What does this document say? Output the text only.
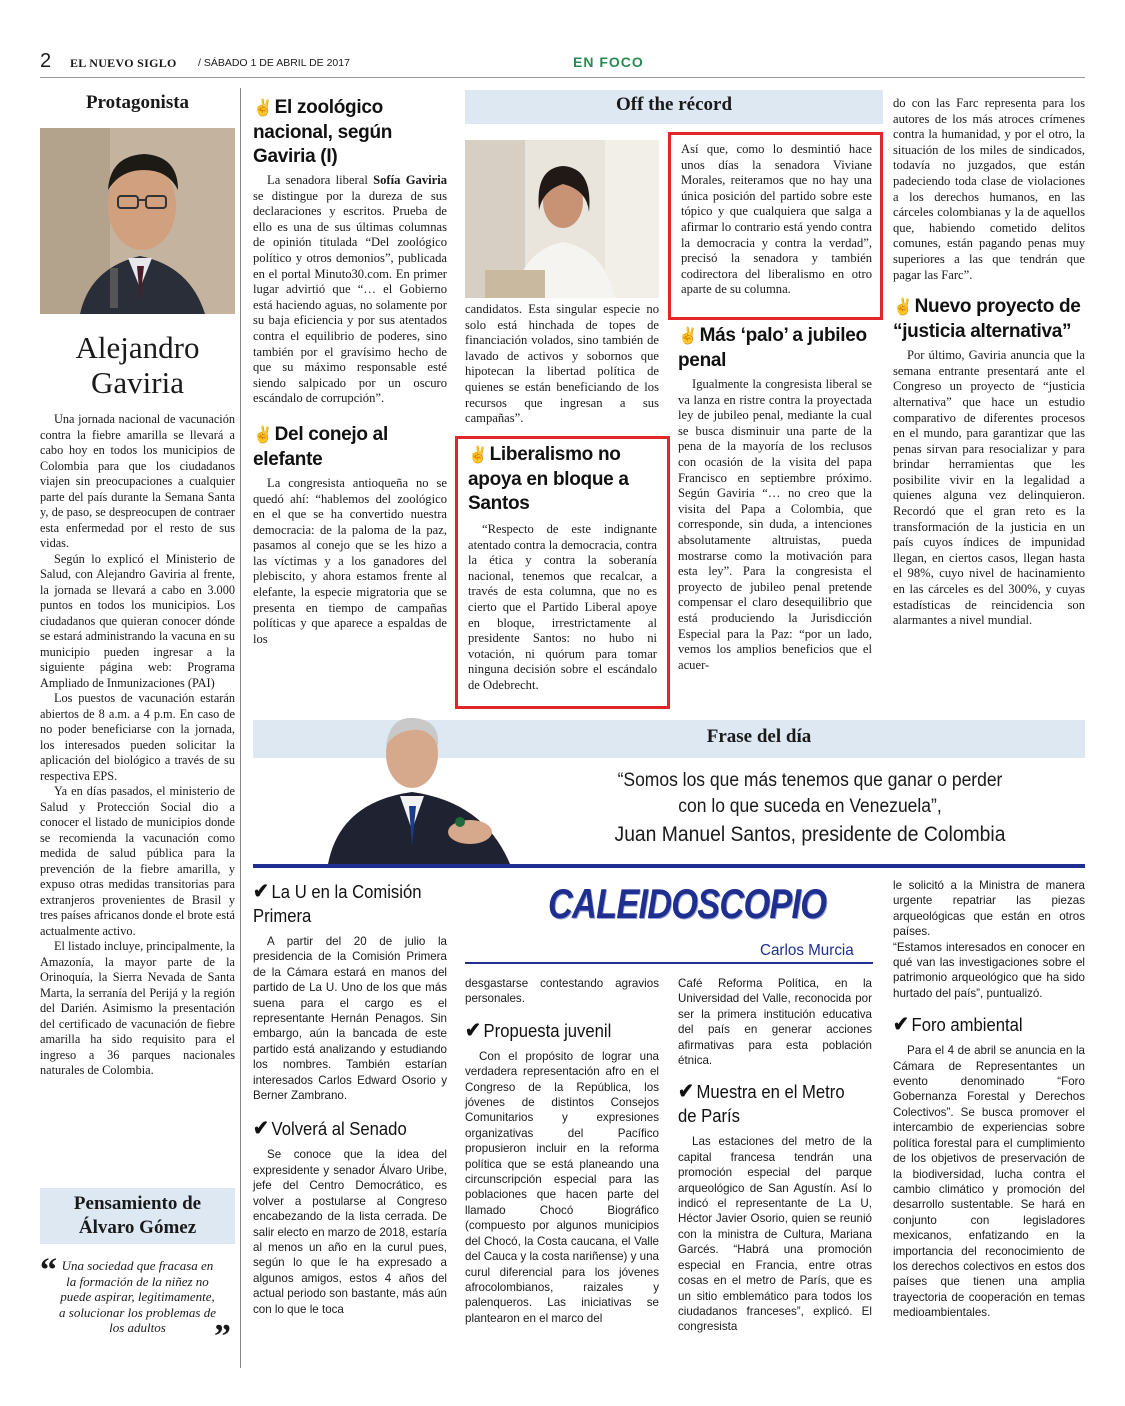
2 EL NUEVO SIGLO / SÁBADO 1 DE ABRIL DE 2017	EN FOCO
Protagonista
Alejandro
Gaviria

Una jornada nacional de vacunación contra la fiebre amarilla se llevará a cabo hoy en todos los municipios de Colombia para que los ciudadanos viajen sin preocupaciones a cualquier parte del país durante la Semana Santa y, de paso, se despreocupen de contraer esta enfermedad por el resto de sus vidas.

Según lo explicó el Ministerio de Salud, con Alejandro Gaviria al frente, la jornada se llevará a cabo en 3.000 puntos en todos los municipios. Los ciudadanos que quieran conocer dónde se estará administrando la vacuna en su municipio pueden ingresar a la siguiente página web: Programa Ampliado de Inmunizaciones (PAI)

Los puestos de vacunación estarán abiertos de 8 a.m. a 4 p.m. En caso de no poder beneficiarse con la jornada, los interesados pueden solicitar la aplicación del biológico a través de su respectiva EPS.

Ya en días pasados, el ministerio de Salud y Protección Social dio a conocer el listado de municipios donde se recomienda la vacunación como medida de salud pública para la prevención de la fiebre amarilla, y expuso otras medidas transitorias para extranjeros provenientes de Brasil y tres países africanos donde el brote está actualmente activo.

El listado incluye, principalmente, la Amazonía, la mayor parte de la Orinoquía, la Sierra Nevada de Santa Marta, la serranía del Perijá y la región del Darién. Asimismo la presentación del certificado de vacunación de fiebre amarilla ha sido requisito para el ingreso a 36 parques nacionales naturales de Colombia.

Pensamiento de
Álvaro Gómez
“ Una sociedad que fracasa en la formación de la niñez no puede aspirar, legitimamente, a solucionar los problemas de los adultos	”
✌ El zoológico nacional, según Gaviria (I)

La senadora liberal Sofía Gaviria se distingue por la dureza de sus declaraciones y escritos. Prueba de ello es una de sus últimas columnas de opinión titulada “Del zoológico político y otros demonios”, publicada en el portal Minuto30.com. En primer lugar advirtió que “… el Gobierno está haciendo aguas, no solamente por su baja eficiencia y por sus atentados contra el equilibrio de poderes, sino también por el gravísimo hecho de que su máximo responsable esté siendo salpicado por un oscuro escándalo de corrupción”.

✌ Del conejo al elefante

La congresista antioqueña no se quedó ahí: “hablemos del zoológico en el que se ha convertido nuestra democracia: de la paloma de la paz, pasamos al conejo que se les hizo a las víctimas y a los ganadores del plebiscito, y ahora estamos frente al elefante, la especie migratoria que se presenta en tiempo de campañas políticas y que aparece a espaldas de los

Off the récord

candidatos. Esta singular especie no solo está hinchada de topes de financiación volados, sino también de lavado de activos y sobornos que hipotecan la libertad política de quienes se están beneficiando de los recursos que ingresan a sus campañas”.

✌ Liberalismo no apoya en bloque a Santos

“Respecto de este indignante atentado contra la democracia, contra la ética y contra la soberanía nacional, tenemos que recalcar, a través de esta columna, que no es cierto que el Partido Liberal apoye en bloque, irrestrictamente al presidente Santos: no hubo ni votación, ni quórum para tomar ninguna decisión sobre el escándalo de Odebrecht.

Así que, como lo desmintió hace unos días la senadora Viviane Morales, reiteramos que no hay una única posición del partido sobre este tópico y que cualquiera que salga a afirmar lo contrario está yendo contra la democracia y contra la verdad”, precisó la senadora y también codirectora del liberalismo en otro aparte de su columna.

✌ Más ‘palo’ a jubileo penal

Igualmente la congresista liberal se va lanza en ristre contra la proyectada ley de jubileo penal, mediante la cual se busca disminuir una parte de la pena de la mayoría de los reclusos con ocasión de la visita del papa Francisco en septiembre próximo. Según Gaviria “… no creo que la visita del Papa a Colombia, que corresponde, sin duda, a intenciones absolutamente altruistas, pueda mostrarse como la motivación para esta ley”. Para la congresista el proyecto de jubileo penal pretende compensar el claro desequilibrio que está produciendo la Jurisdicción Especial para la Paz: “por un lado, vemos los amplios beneficios que el acuer-

do con las Farc representa para los autores de los más atroces crímenes contra la humanidad, y por el otro, la situación de los miles de sindicados, todavía no juzgados, que están padeciendo toda clase de violaciones a los derechos humanos, en las cárceles colombianas y la de aquellos que, habiendo cometido delitos comunes, están pagando penas muy superiores a las que tendrán que pagar las Farc”.

✌ Nuevo proyecto de “justicia alternativa”

Por último, Gaviria anuncia que la semana entrante presentará ante el Congreso un proyecto de “justicia alternativa” que hace un estudio comparativo de diferentes procesos en el mundo, para garantizar que las penas sirvan para resocializar y para brindar herramientas que les posibilite vivir en la legalidad a quienes alguna vez delinquieron. Recordó que el gran reto es la transformación de la justicia en un país cuyos índices de impunidad llegan, en ciertos casos, llegan hasta el 98%, cuyo nivel de hacinamiento en las cárceles es del 300%, y cuyas estadísticas de reincidencia son alarmantes a nivel mundial.

Frase del día
“Somos los que más tenemos que ganar o perder
con lo que suceda en Venezuela”,
Juan Manuel Santos, presidente de Colombia
CALEIDOSCOPIO
Carlos Murcia
✔ La U en la Comisión Primera

A partir del 20 de julio la presidencia de la Comisión Primera de la Cámara estará en manos del partido de La U. Uno de los que más suena para el cargo es el representante Hernán Penagos. Sin embargo, aún la bancada de este partido está analizando y estudiando los nombres. También estarían interesados Carlos Edward Osorio y Berner Zambrano.

✔ Volverá al Senado

Se conoce que la idea del expresidente y senador Álvaro Uribe, jefe del Centro Democrático, es volver a postularse al Congreso encabezando de la lista cerrada. De salir electo en marzo de 2018, estaría al menos un año en la curul pues, según lo que le ha expresado a algunos amigos, estos 4 años del actual periodo son bastante, más aún con lo que le toca

desgastarse contestando agravios personales.

✔ Propuesta juvenil

Con el propósito de lograr una verdadera representación afro en el Congreso de la República, los jóvenes de distintos Consejos Comunitarios y expresiones organizativas del Pacífico propusieron incluir en la reforma política que se está planeando una circunscripción especial para las poblaciones que hacen parte del llamado Chocó Biográfico (compuesto por algunos municipios del Chocó, la Costa caucana, el Valle del Cauca y la costa nariñense) y una curul diferencial para los jóvenes afrocolombianos, raizales y palenqueros. Las iniciativas se plantearon en el marco del

Café Reforma Política, en la Universidad del Valle, reconocida por ser la primera institución educativa del país en generar acciones afirmativas para esta población étnica.

✔ Muestra en el Metro de París

Las estaciones del metro de la capital francesa tendrán una promoción especial del parque arqueológico de San Agustín. Así lo indicó el representante de La U, Héctor Javier Osorio, quien se reunió con la ministra de Cultura, Mariana Garcés. “Habrá una promoción especial en Francia, entre otras cosas en el metro de París, que es un sitio emblemático para todos los ciudadanos franceses”, explicó. El congresista

le solicitó a la Ministra de manera urgente repatriar las piezas arqueológicas que están en otros países.

“Estamos interesados en conocer en qué van las investigaciones sobre el patrimonio arqueológico que ha sido hurtado del país”, puntualizó.

✔ Foro ambiental

Para el 4 de abril se anuncia en la Cámara de Representantes un evento denominado “Foro Gobernanza Forestal y Derechos Colectivos”. Se busca promover el intercambio de experiencias sobre política forestal para el cumplimiento de los objetivos de preservación de la biodiversidad, lucha contra el cambio climático y promoción del desarrollo sustentable. Se hará en conjunto con legisladores mexicanos, enfatizando en la importancia del reconocimiento de los derechos colectivos en estos dos países que tienen una amplia trayectoria de cooperación en temas medioambientales.
